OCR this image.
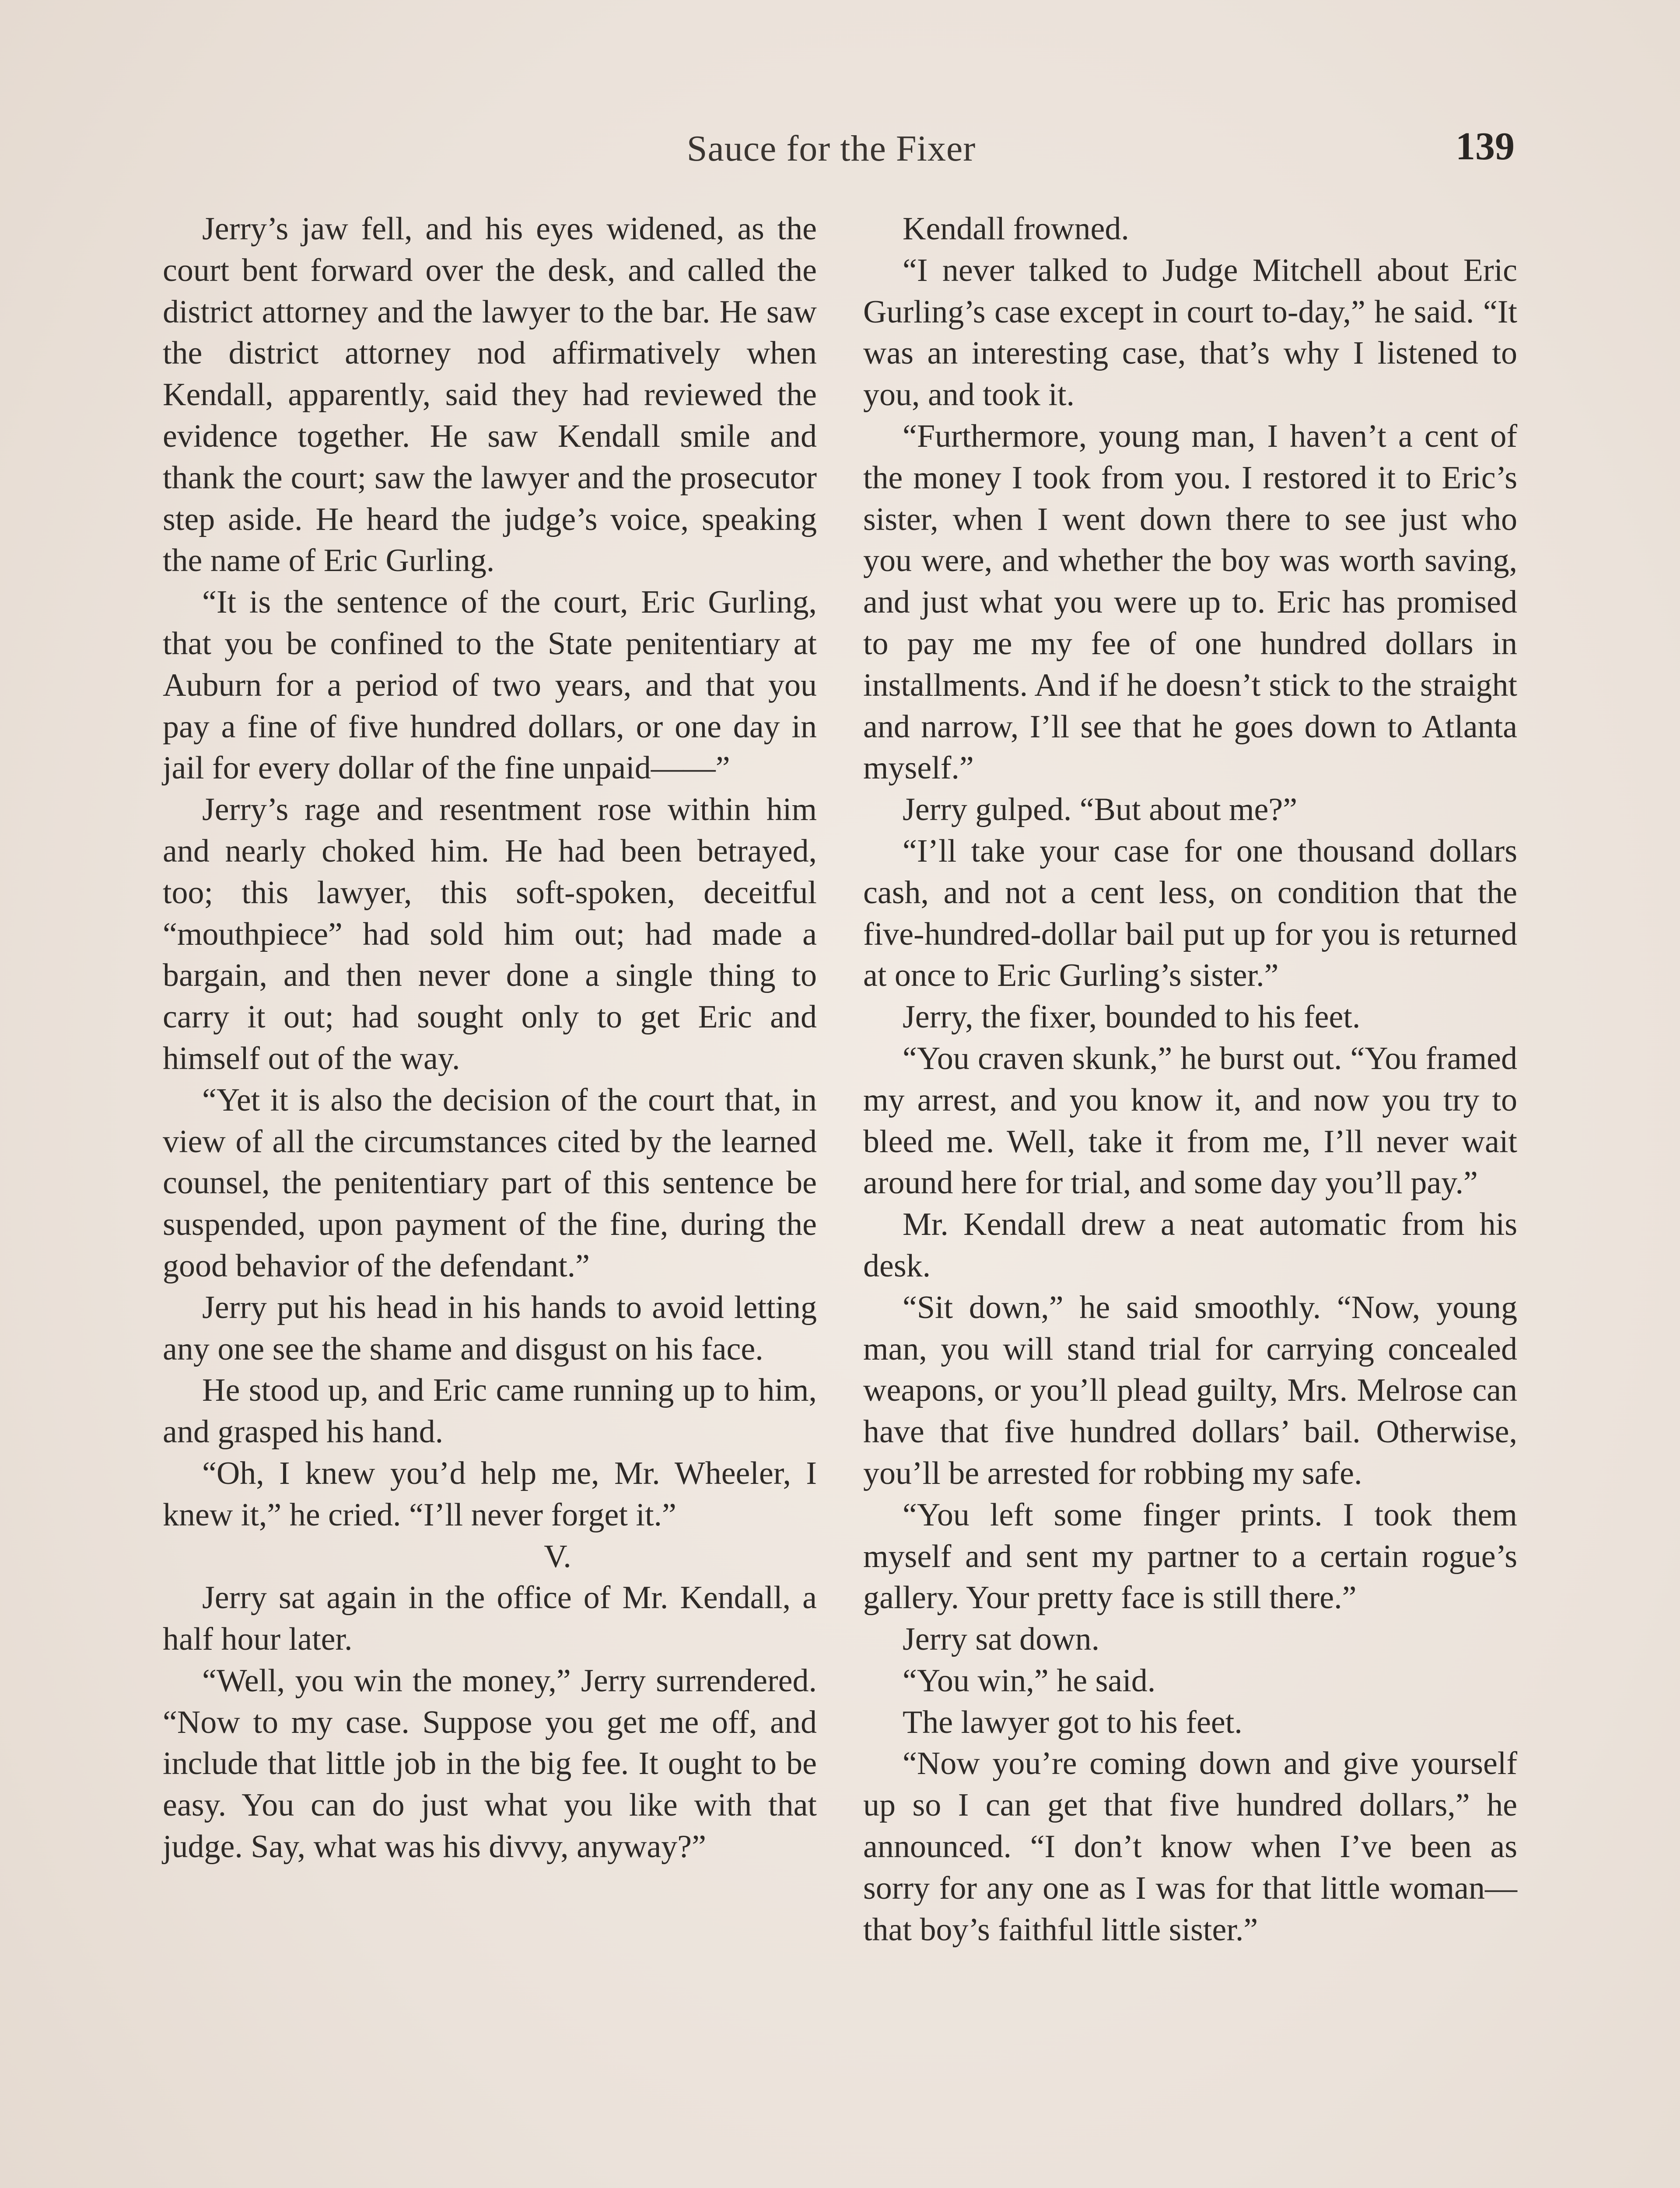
Sauce for the Fixer	139

Jerry’s jaw fell, and his eyes widened, as the court bent forward over the desk, and called the district attorney and the lawyer to the bar. He saw the district attorney nod affirmatively when Kendall, apparently, said they had reviewed the evidence together. He saw Kendall smile and thank the court; saw the lawyer and the prosecutor step aside. He heard the judge’s voice, speaking the name of Eric Gurling.

“It is the sentence of the court, Eric Gurling, that you be confined to the State penitentiary at Auburn for a period of two years, and that you pay a fine of five hundred dollars, or one day in jail for every dollar of the fine unpaid——”

Jerry’s rage and resentment rose within him and nearly choked him. He had been betrayed, too; this lawyer, this soft-spoken, deceitful “mouthpiece” had sold him out; had made a bargain, and then never done a single thing to carry it out; had sought only to get Eric and himself out of the way.

“Yet it is also the decision of the court that, in view of all the circumstances cited by the learned counsel, the penitentiary part of this sentence be suspended, upon payment of the fine, during the good behavior of the defendant.”

Jerry put his head in his hands to avoid letting any one see the shame and disgust on his face.

He stood up, and Eric came running up to him, and grasped his hand.

“Oh, I knew you’d help me, Mr. Wheeler, I knew it,” he cried. “I’ll never forget it.”

V.

Jerry sat again in the office of Mr. Kendall, a half hour later.

“Well, you win the money,” Jerry surrendered. “Now to my case. Suppose you get me off, and include that little job in the big fee. It ought to be easy. You can do just what you like with that judge. Say, what was his divvy, anyway?”

Kendall frowned.

“I never talked to Judge Mitchell about Eric Gurling’s case except in court to-day,” he said. “It was an interesting case, that’s why I listened to you, and took it.

“Furthermore, young man, I haven’t a cent of the money I took from you. I restored it to Eric’s sister, when I went down there to see just who you were, and whether the boy was worth saving, and just what you were up to. Eric has promised to pay me my fee of one hundred dollars in installments. And if he doesn’t stick to the straight and narrow, I’ll see that he goes down to Atlanta myself.”

Jerry gulped. “But about me?”

“I’ll take your case for one thousand dollars cash, and not a cent less, on condition that the five-hundred-dollar bail put up for you is returned at once to Eric Gurling’s sister.”

Jerry, the fixer, bounded to his feet.

“You craven skunk,” he burst out. “You framed my arrest, and you know it, and now you try to bleed me. Well, take it from me, I’ll never wait around here for trial, and some day you’ll pay.”

Mr. Kendall drew a neat automatic from his desk.

“Sit down,” he said smoothly. “Now, young man, you will stand trial for carrying concealed weapons, or you’ll plead guilty, Mrs. Melrose can have that five hundred dollars’ bail. Otherwise, you’ll be arrested for robbing my safe.

“You left some finger prints. I took them myself and sent my partner to a certain rogue’s gallery. Your pretty face is still there.”

Jerry sat down.

“You win,” he said.

The lawyer got to his feet.

“Now you’re coming down and give yourself up so I can get that five hundred dollars,” he announced. “I don’t know when I’ve been as sorry for any one as I was for that little woman—that boy’s faithful little sister.”
